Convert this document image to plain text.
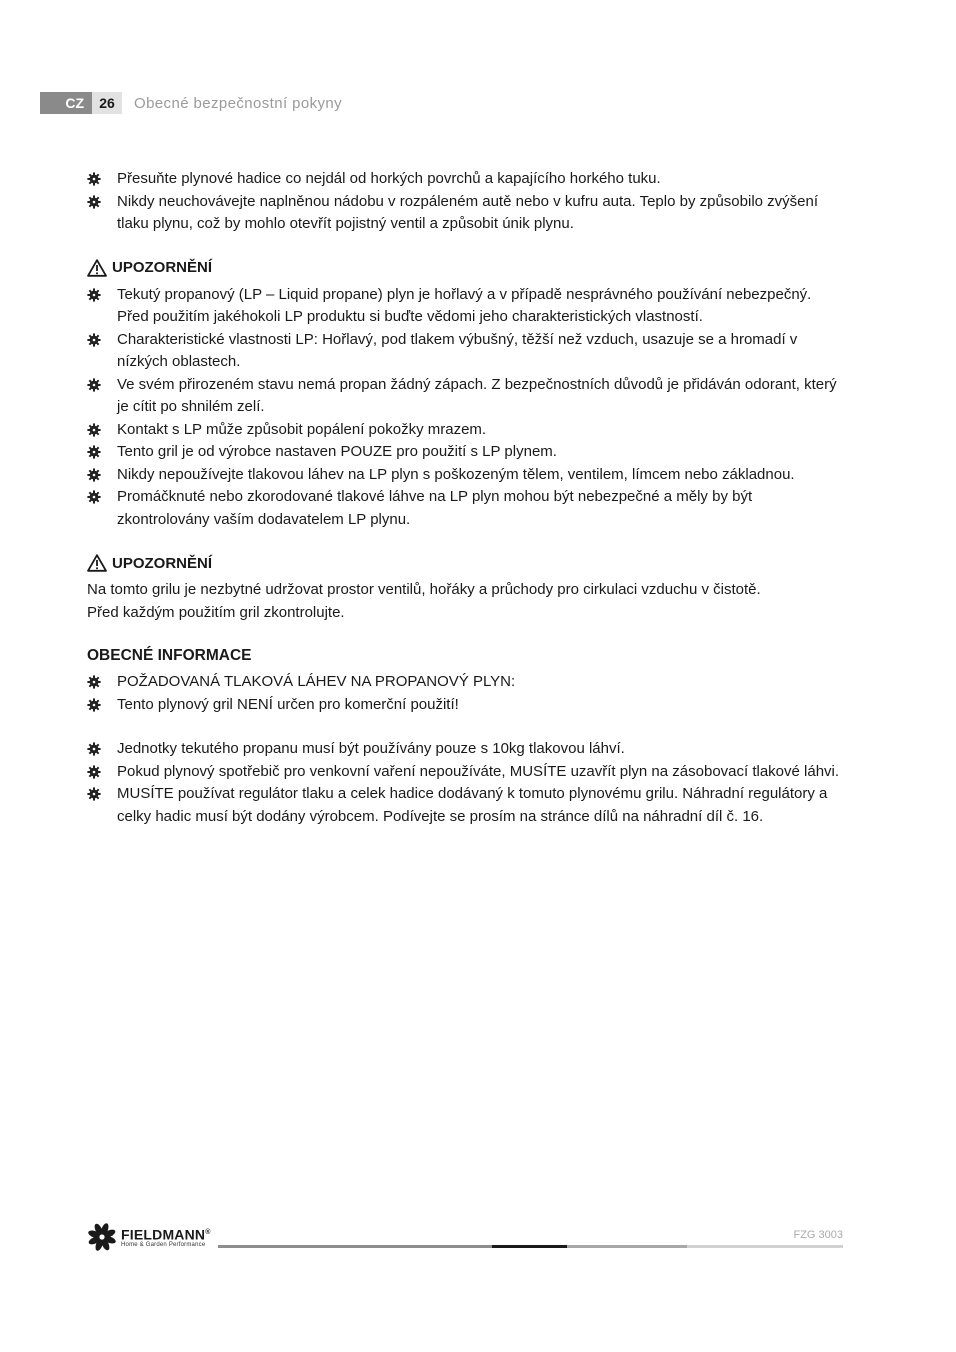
CZ	26	Obecné bezpečnostní pokyny
Přesuňte plynové hadice co nejdál od horkých povrchů a kapajícího horkého tuku.
Nikdy neuchovávejte naplněnou nádobu v rozpáleném autě nebo v kufru auta. Teplo by způsobilo zvýšení tlaku plynu, což by mohlo otevřít pojistný ventil a způsobit únik plynu.
UPOZORNĚNÍ
Tekutý propanový (LP – Liquid propane) plyn je hořlavý a v případě nesprávného používání nebezpečný. Před použitím jakéhokoli LP produktu si buďte vědomi jeho charakteristických vlastností.
Charakteristické vlastnosti LP: Hořlavý, pod tlakem výbušný, těžší než vzduch, usazuje se a hromadí v nízkých oblastech.
Ve svém přirozeném stavu nemá propan žádný zápach. Z bezpečnostních důvodů je přidáván odorant, který je cítit po shnilém zelí.
Kontakt s LP může způsobit popálení pokožky mrazem.
Tento gril je od výrobce nastaven POUZE pro použití s LP plynem.
Nikdy nepoužívejte tlakovou láhev na LP plyn s poškozeným tělem, ventilem, límcem nebo základnou.
Promáčknuté nebo zkorodované tlakové láhve na LP plyn mohou být nebezpečné a měly by být zkontrolovány vaším dodavatelem LP plynu.
UPOZORNĚNÍ

Na tomto grilu je nezbytné udržovat prostor ventilů, hořáky a průchody pro cirkulaci vzduchu v čistotě.

Před každým použitím gril zkontrolujte.

OBECNÉ INFORMACE
POŽADOVANÁ TLAKOVÁ LÁHEV NA PROPANOVÝ PLYN:
Tento plynový gril NENÍ určen pro komerční použití!
Jednotky tekutého propanu musí být používány pouze s 10kg tlakovou láhví.
Pokud plynový spotřebič pro venkovní vaření nepoužíváte, MUSÍTE uzavřít plyn na zásobovací tlakové láhvi.
MUSÍTE používat regulátor tlaku a celek hadice dodávaný k tomuto plynovému grilu. Náhradní regulátory a celky hadic musí být dodány výrobcem. Podívejte se prosím na stránce dílů na náhradní díl č. 16.
FIELDMANN®
Home & Garden Performance
FZG 3003
